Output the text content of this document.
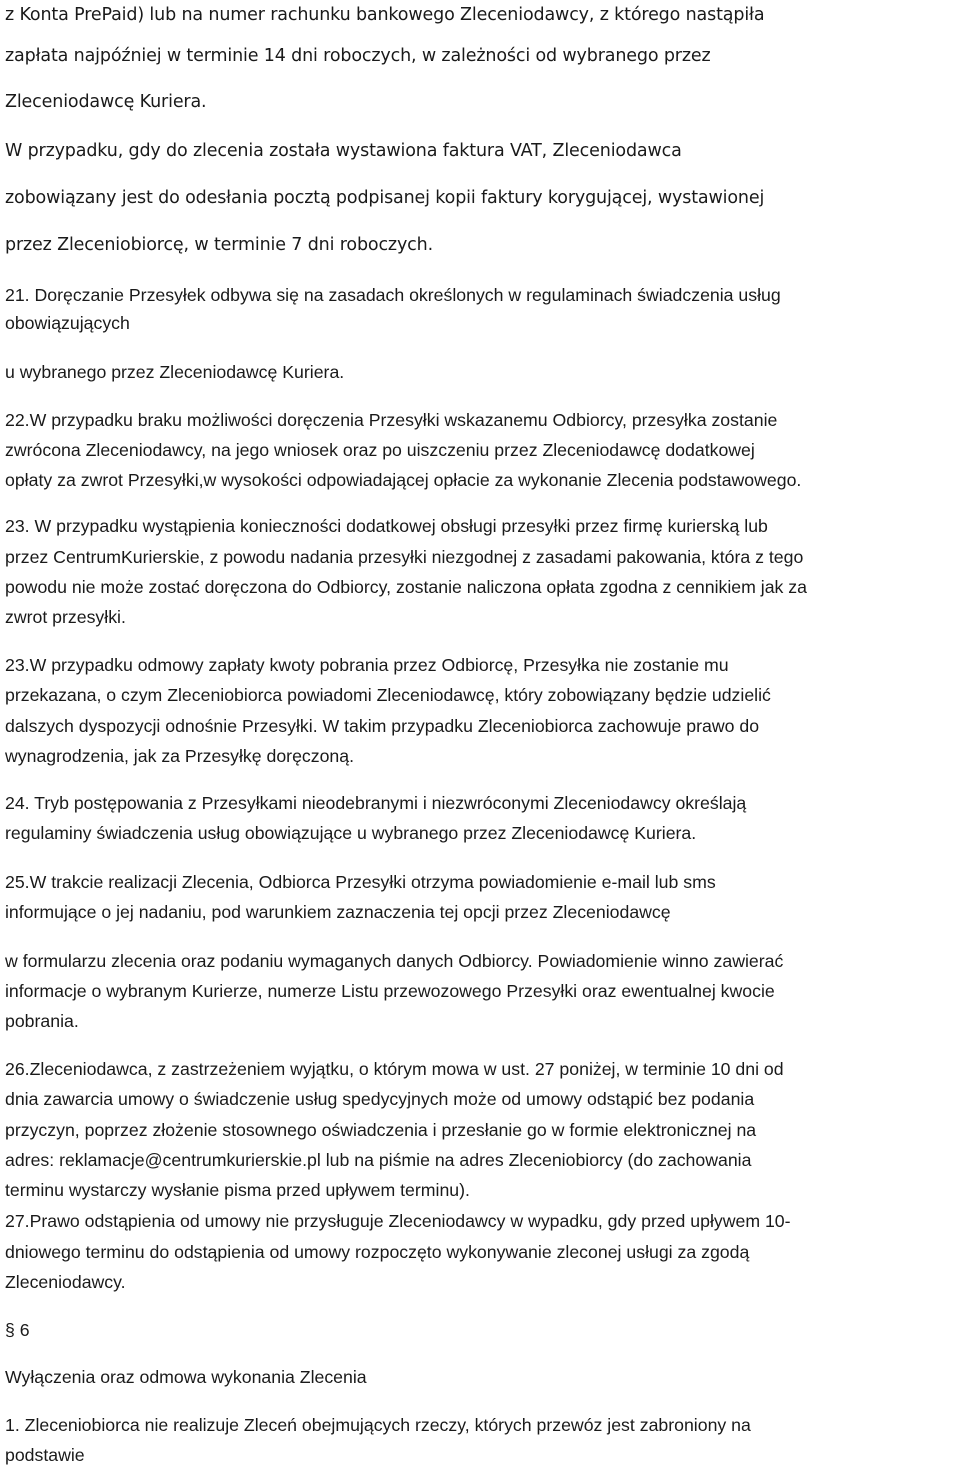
z Konta PrePaid) lub na numer rachunku bankowego Zleceniodawcy, z którego nastąpiła
zapłata najpóźniej w terminie 14 dni roboczych, w zależności od wybranego przez
Zleceniodawcę Kuriera.
W przypadku, gdy do zlecenia została wystawiona faktura VAT, Zleceniodawca
zobowiązany jest do odesłania pocztą podpisanej kopii faktury korygującej, wystawionej
przez Zleceniobiorcę, w terminie 7 dni roboczych.
21. Doręczanie Przesyłek odbywa się na zasadach określonych w regulaminach świadczenia usług
obowiązujących
u wybranego przez Zleceniodawcę Kuriera.
22.W przypadku braku możliwości doręczenia Przesyłki wskazanemu Odbiorcy, przesyłka zostanie
zwrócona Zleceniodawcy, na jego wniosek oraz po uiszczeniu przez Zleceniodawcę dodatkowej
opłaty za zwrot Przesyłki,w wysokości odpowiadającej opłacie za wykonanie Zlecenia podstawowego.
23. W przypadku wystąpienia konieczności dodatkowej obsługi przesyłki przez firmę kurierską lub
przez CentrumKurierskie, z powodu nadania przesyłki niezgodnej z zasadami pakowania, która z tego
powodu nie może zostać doręczona do Odbiorcy, zostanie naliczona opłata zgodna z cennikiem jak za
zwrot przesyłki.
23.W przypadku odmowy zapłaty kwoty pobrania przez Odbiorcę, Przesyłka nie zostanie mu
przekazana, o czym Zleceniobiorca powiadomi Zleceniodawcę, który zobowiązany będzie udzielić
dalszych dyspozycji odnośnie Przesyłki. W takim przypadku Zleceniobiorca zachowuje prawo do
wynagrodzenia, jak za Przesyłkę doręczoną.
24. Tryb postępowania z Przesyłkami nieodebranymi i niezwróconymi Zleceniodawcy określają
regulaminy świadczenia usług obowiązujące u wybranego przez Zleceniodawcę Kuriera.
25.W trakcie realizacji Zlecenia, Odbiorca Przesyłki otrzyma powiadomienie e-mail lub sms
informujące o jej nadaniu, pod warunkiem zaznaczenia tej opcji przez Zleceniodawcę
w formularzu zlecenia oraz podaniu wymaganych danych Odbiorcy. Powiadomienie winno zawierać
informacje o wybranym Kurierze, numerze Listu przewozowego Przesyłki oraz ewentualnej kwocie
pobrania.
26.Zleceniodawca, z zastrzeżeniem wyjątku, o którym mowa w ust. 27 poniżej, w terminie 10 dni od
dnia zawarcia umowy o świadczenie usług spedycyjnych może od umowy odstąpić bez podania
przyczyn, poprzez złożenie stosownego oświadczenia i przesłanie go w formie elektronicznej na
adres: reklamacje@centrumkurierskie.pl lub na piśmie na adres Zleceniobiorcy (do zachowania
terminu wystarczy wysłanie pisma przed upływem terminu).
27.Prawo odstąpienia od umowy nie przysługuje Zleceniodawcy w wypadku, gdy przed upływem 10-
dniowego terminu do odstąpienia od umowy rozpoczęto wykonywanie zleconej usługi za zgodą
Zleceniodawcy.
§ 6
Wyłączenia oraz odmowa wykonania Zlecenia
1. Zleceniobiorca nie realizuje Zleceń obejmujących rzeczy, których przewóz jest zabroniony na
podstawie
